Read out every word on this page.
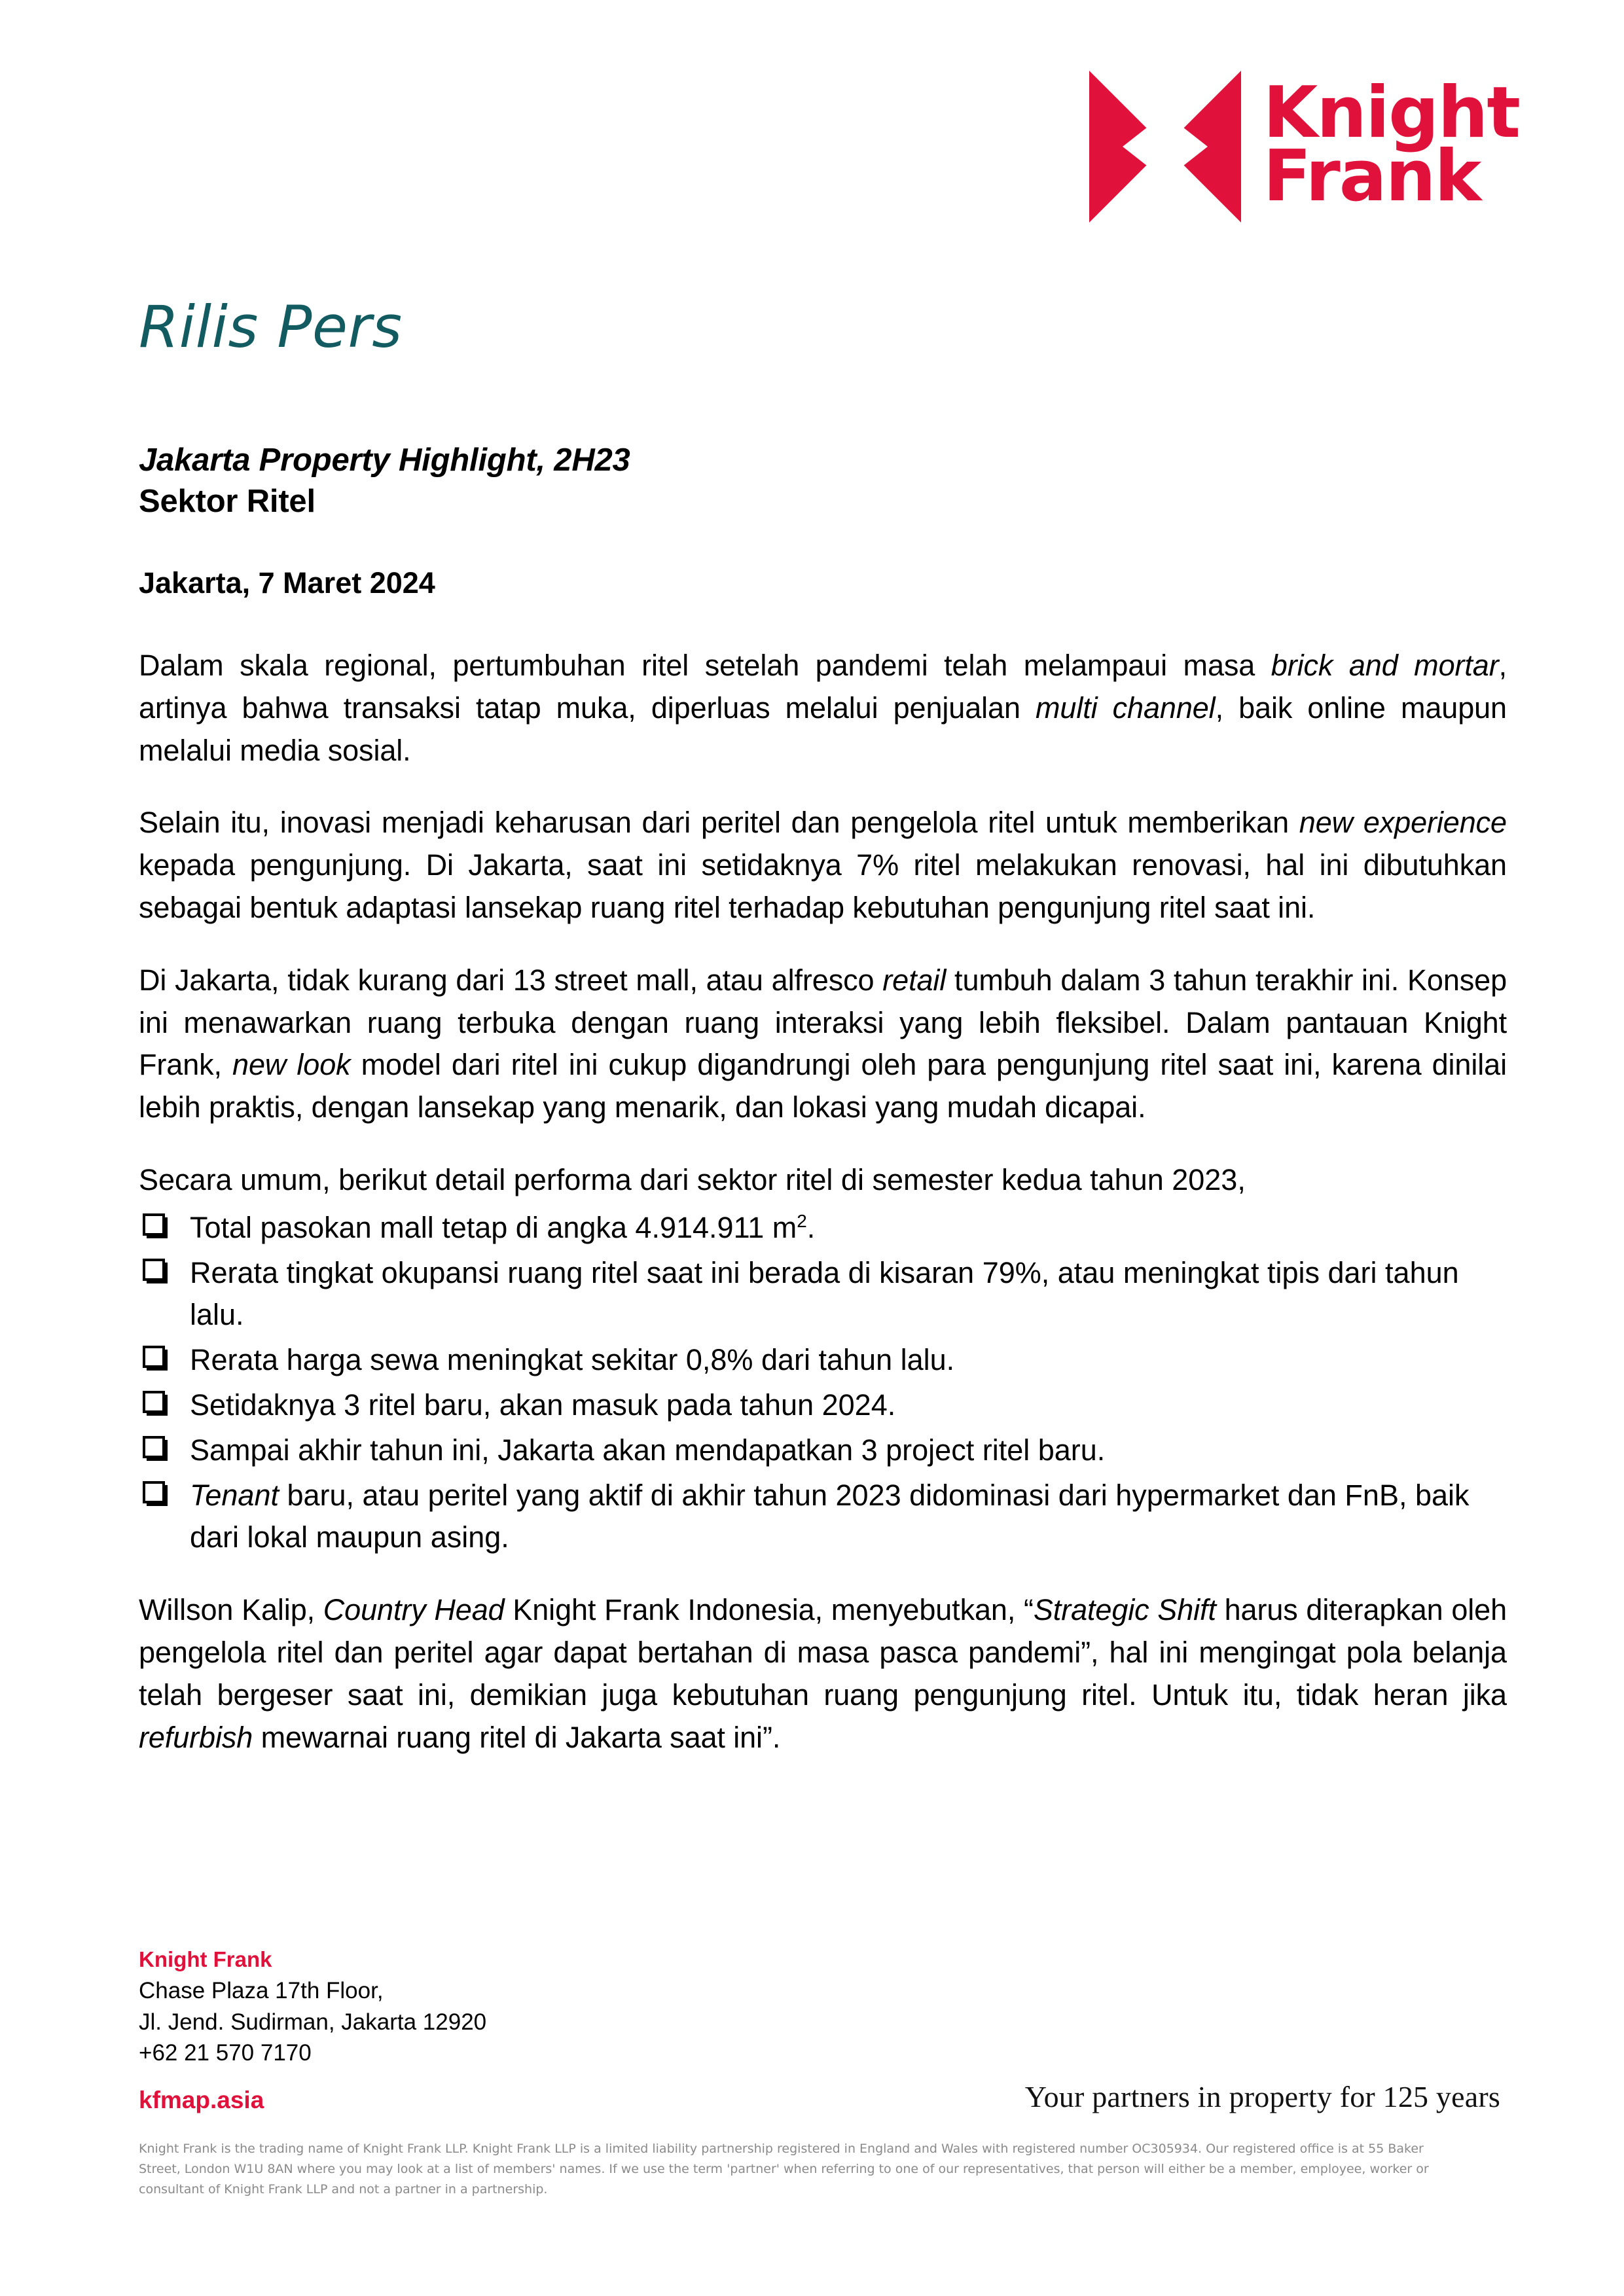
Knight
Frank
Rilis Pers
Jakarta Property Highlight, 2H23
Sektor Ritel
Jakarta, 7 Maret 2024

Dalam skala regional, pertumbuhan ritel setelah pandemi telah melampaui masa brick and mortar, artinya bahwa transaksi tatap muka, diperluas melalui penjualan multi channel, baik online maupun melalui media sosial.

Selain itu, inovasi menjadi keharusan dari peritel dan pengelola ritel untuk memberikan new experience kepada pengunjung. Di Jakarta, saat ini setidaknya 7% ritel melakukan renovasi, hal ini dibutuhkan sebagai bentuk adaptasi lansekap ruang ritel terhadap kebutuhan pengunjung ritel saat ini.

Di Jakarta, tidak kurang dari 13 street mall, atau alfresco retail tumbuh dalam 3 tahun terakhir ini. Konsep ini menawarkan ruang terbuka dengan ruang interaksi yang lebih fleksibel. Dalam pantauan Knight Frank, new look model dari ritel ini cukup digandrungi oleh para pengunjung ritel saat ini, karena dinilai lebih praktis, dengan lansekap yang menarik, dan lokasi yang mudah dicapai.

Secara umum, berikut detail performa dari sektor ritel di semester kedua tahun 2023,

Total pasokan mall tetap di angka 4.914.911 $m^2$.
Rerata tingkat okupansi ruang ritel saat ini berada di kisaran 79%, atau meningkat tipis dari tahun lalu.
Rerata harga sewa meningkat sekitar 0,8% dari tahun lalu.
Setidaknya 3 ritel baru, akan masuk pada tahun 2024.
Sampai akhir tahun ini, Jakarta akan mendapatkan 3 project ritel baru.
Tenant baru, atau peritel yang aktif di akhir tahun 2023 didominasi dari hypermarket dan FnB, baik dari lokal maupun asing.

Willson Kalip, Country Head Knight Frank Indonesia, menyebutkan, “Strategic Shift harus diterapkan oleh pengelola ritel dan peritel agar dapat bertahan di masa pasca pandemi”, hal ini mengingat pola belanja telah bergeser saat ini, demikian juga kebutuhan ruang pengunjung ritel. Untuk itu, tidak heran jika refurbish mewarnai ruang ritel di Jakarta saat ini”.

Knight Frank
Chase Plaza 17th Floor,
Jl. Jend. Sudirman, Jakarta 12920
+62 21 570 7170
kfmap.asia	Your partners in property for 125 years
Knight Frank is the trading name of Knight Frank LLP. Knight Frank LLP is a limited liability partnership registered in England and Wales with registered number OC305934. Our registered office is at 55 Baker Street, London W1U 8AN where you may look at a list of members' names. If we use the term 'partner' when referring to one of our representatives, that person will either be a member, employee, worker or consultant of Knight Frank LLP and not a partner in a partnership.
